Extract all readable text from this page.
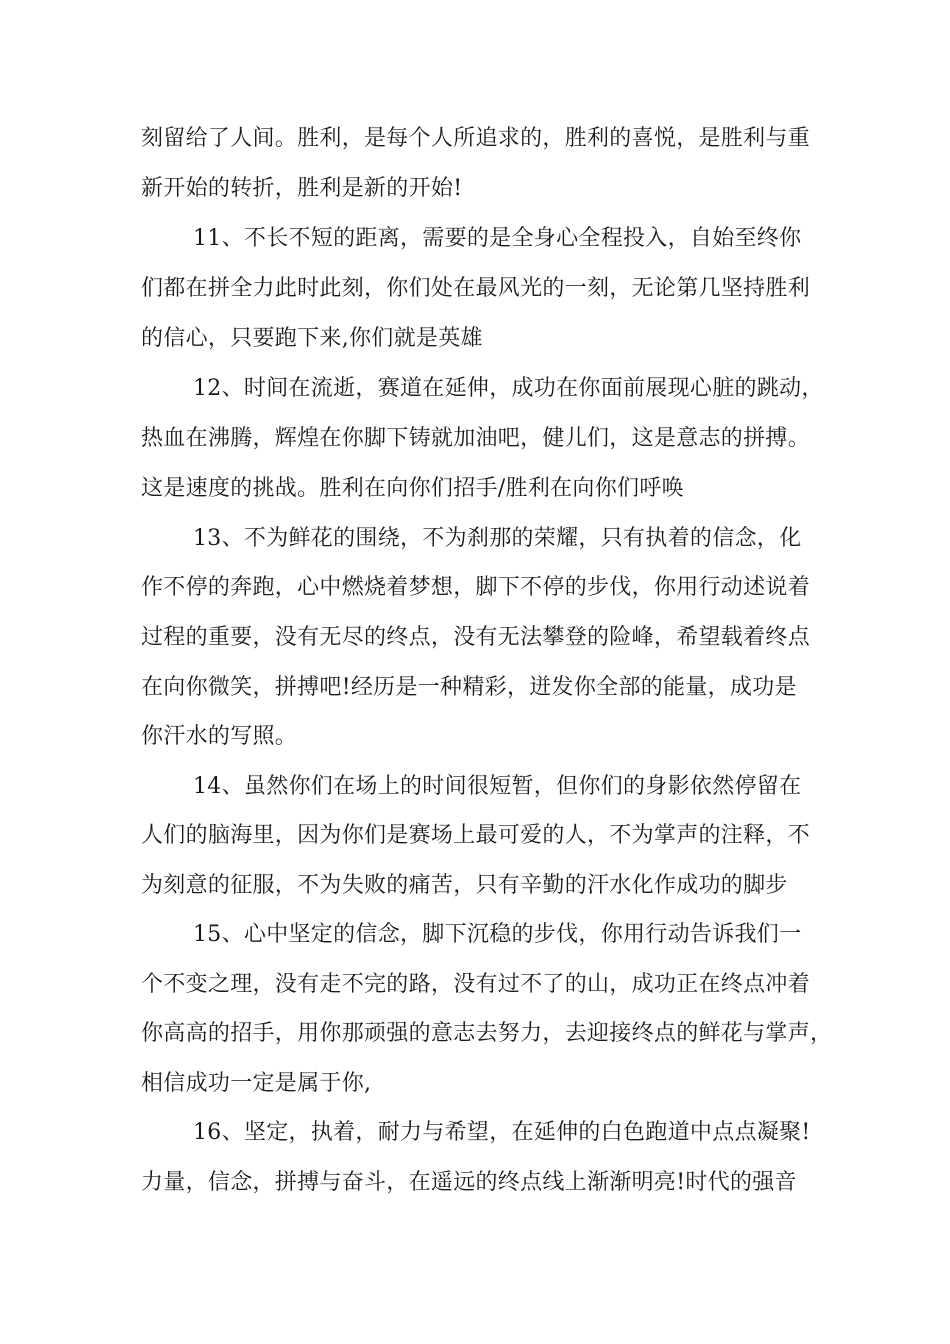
刻留给了人间。胜利，是每个人所追求的，胜利的喜悦，是胜利与重
新开始的转折，胜利是新的开始!
11、不长不短的距离，需要的是全身心全程投入，自始至终你
们都在拼全力此时此刻，你们处在最风光的一刻，无论第几坚持胜利
的信心，只要跑下来,你们就是英雄
12、时间在流逝，赛道在延伸，成功在你面前展现心脏的跳动，
热血在沸腾，辉煌在你脚下铸就加油吧，健儿们，这是意志的拼搏。
这是速度的挑战。胜利在向你们招手/胜利在向你们呼唤
13、不为鲜花的围绕，不为刹那的荣耀，只有执着的信念，化
作不停的奔跑，心中燃烧着梦想，脚下不停的步伐，你用行动述说着
过程的重要，没有无尽的终点，没有无法攀登的险峰，希望载着终点
在向你微笑，拼搏吧!经历是一种精彩，迸发你全部的能量，成功是
你汗水的写照。
14、虽然你们在场上的时间很短暂，但你们的身影依然停留在
人们的脑海里，因为你们是赛场上最可爱的人，不为掌声的注释，不
为刻意的征服，不为失败的痛苦，只有辛勤的汗水化作成功的脚步
15、心中坚定的信念，脚下沉稳的步伐，你用行动告诉我们一
个不变之理，没有走不完的路，没有过不了的山，成功正在终点冲着
你高高的招手，用你那顽强的意志去努力，去迎接终点的鲜花与掌声，
相信成功一定是属于你,
16、坚定，执着，耐力与希望，在延伸的白色跑道中点点凝聚!
力量，信念，拼搏与奋斗，在遥远的终点线上渐渐明亮!时代的强音
